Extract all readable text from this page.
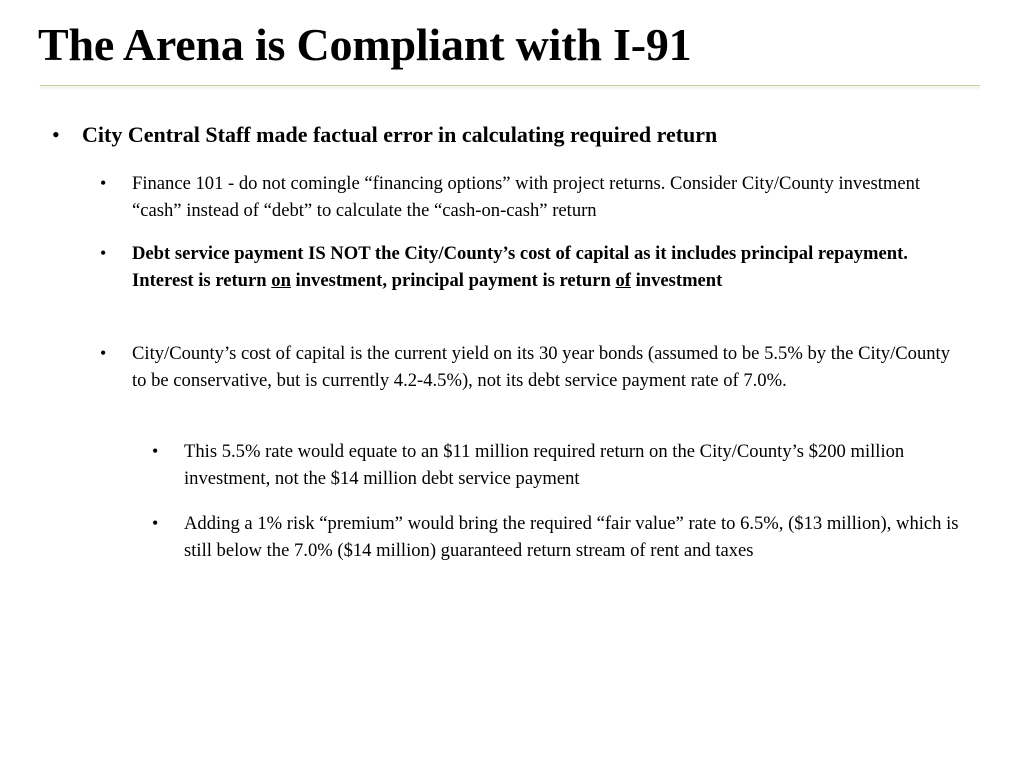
The Arena is Compliant with I-91
• City Central Staff made factual error in calculating required return
• Finance 101 - do not comingle “financing options” with project returns. Consider City/County investment “cash” instead of “debt” to calculate the “cash-on-cash” return
• Debt service payment IS NOT the City/County’s cost of capital as it includes principal repayment. Interest is return on investment, principal payment is return of investment
• City/County’s cost of capital is the current yield on its 30 year bonds (assumed to be 5.5% by the City/County to be conservative, but is currently 4.2-4.5%), not its debt service payment rate of 7.0%.
• This 5.5% rate would equate to an $11 million required return on the City/County’s $200 million investment, not the $14 million debt service payment
• Adding a 1% risk “premium” would bring the required “fair value” rate to 6.5%, ($13 million), which is still below the 7.0% ($14 million) guaranteed return stream of rent and taxes
